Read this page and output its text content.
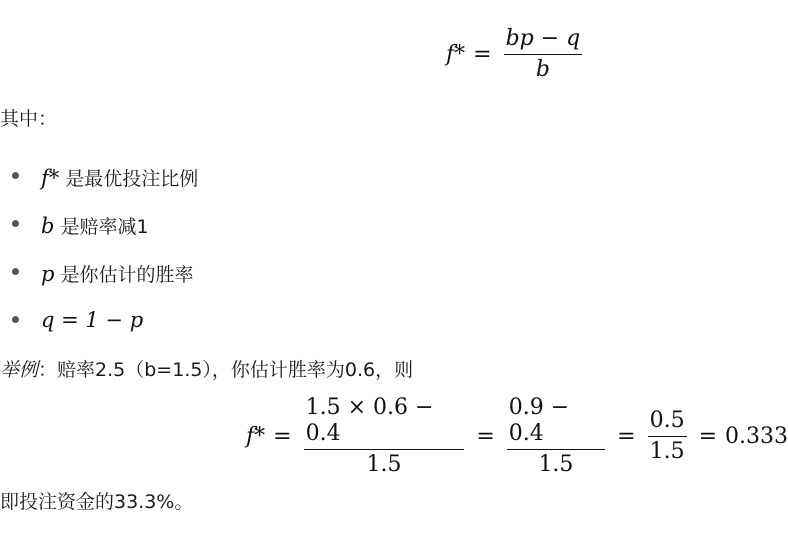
$f* = \frac{bp - q}{b}$
其中：
f* 是最优投注比例
b 是赔率减1
p 是你估计的胜率
q = 1 − p
举例：赔率2.5（b=1.5），你估计胜率为0.6，则
$f* = \frac{1.5 \times 0.6 - 0.4}{1.5} = \frac{0.9 - 0.4}{1.5} = \frac{0.5}{1.5} = 0.333$
即投注资金的33.3%。
